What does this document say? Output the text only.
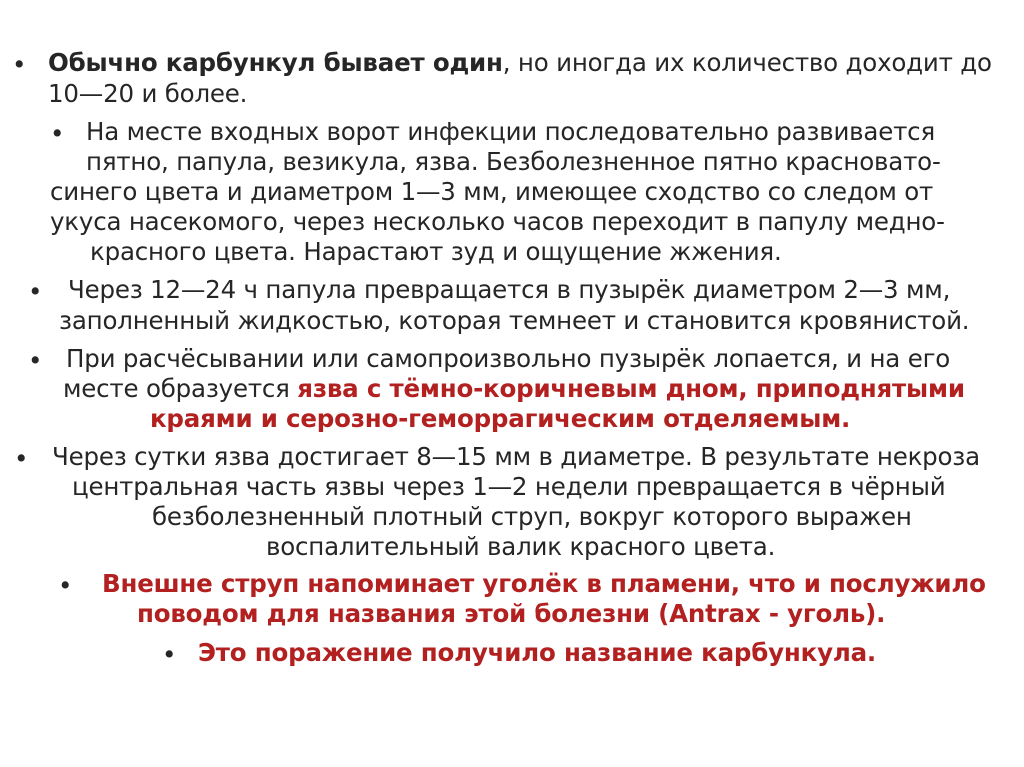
• Обычно карбункул бывает один, но иногда их количество доходит до
10—20 и более.
• На месте входных ворот инфекции последовательно развивается
пятно, папула, везикула, язва. Безболезненное пятно красновато-
синего цвета и диаметром 1—3 мм, имеющее сходство со следом от
укуса насекомого, через несколько часов переходит в папулу медно-
красного цвета. Нарастают зуд и ощущение жжения.
• Через 12—24 ч папула превращается в пузырёк диаметром 2—3 мм,
заполненный жидкостью, которая темнеет и становится кровянистой.
• При расчёсывании или самопроизвольно пузырёк лопается, и на его
месте образуется язва с тёмно-коричневым дном, приподнятыми
краями и серозно-геморрагическим отделяемым.
• Через сутки язва достигает 8—15 мм в диаметре. В результате некроза
центральная часть язвы через 1—2 недели превращается в чёрный
безболезненный плотный струп, вокруг которого выражен
воспалительный валик красного цвета.
• Внешне струп напоминает уголёк в пламени, что и послужило
поводом для названия этой болезни (Antrax - уголь).
• Это поражение получило название карбункула.
